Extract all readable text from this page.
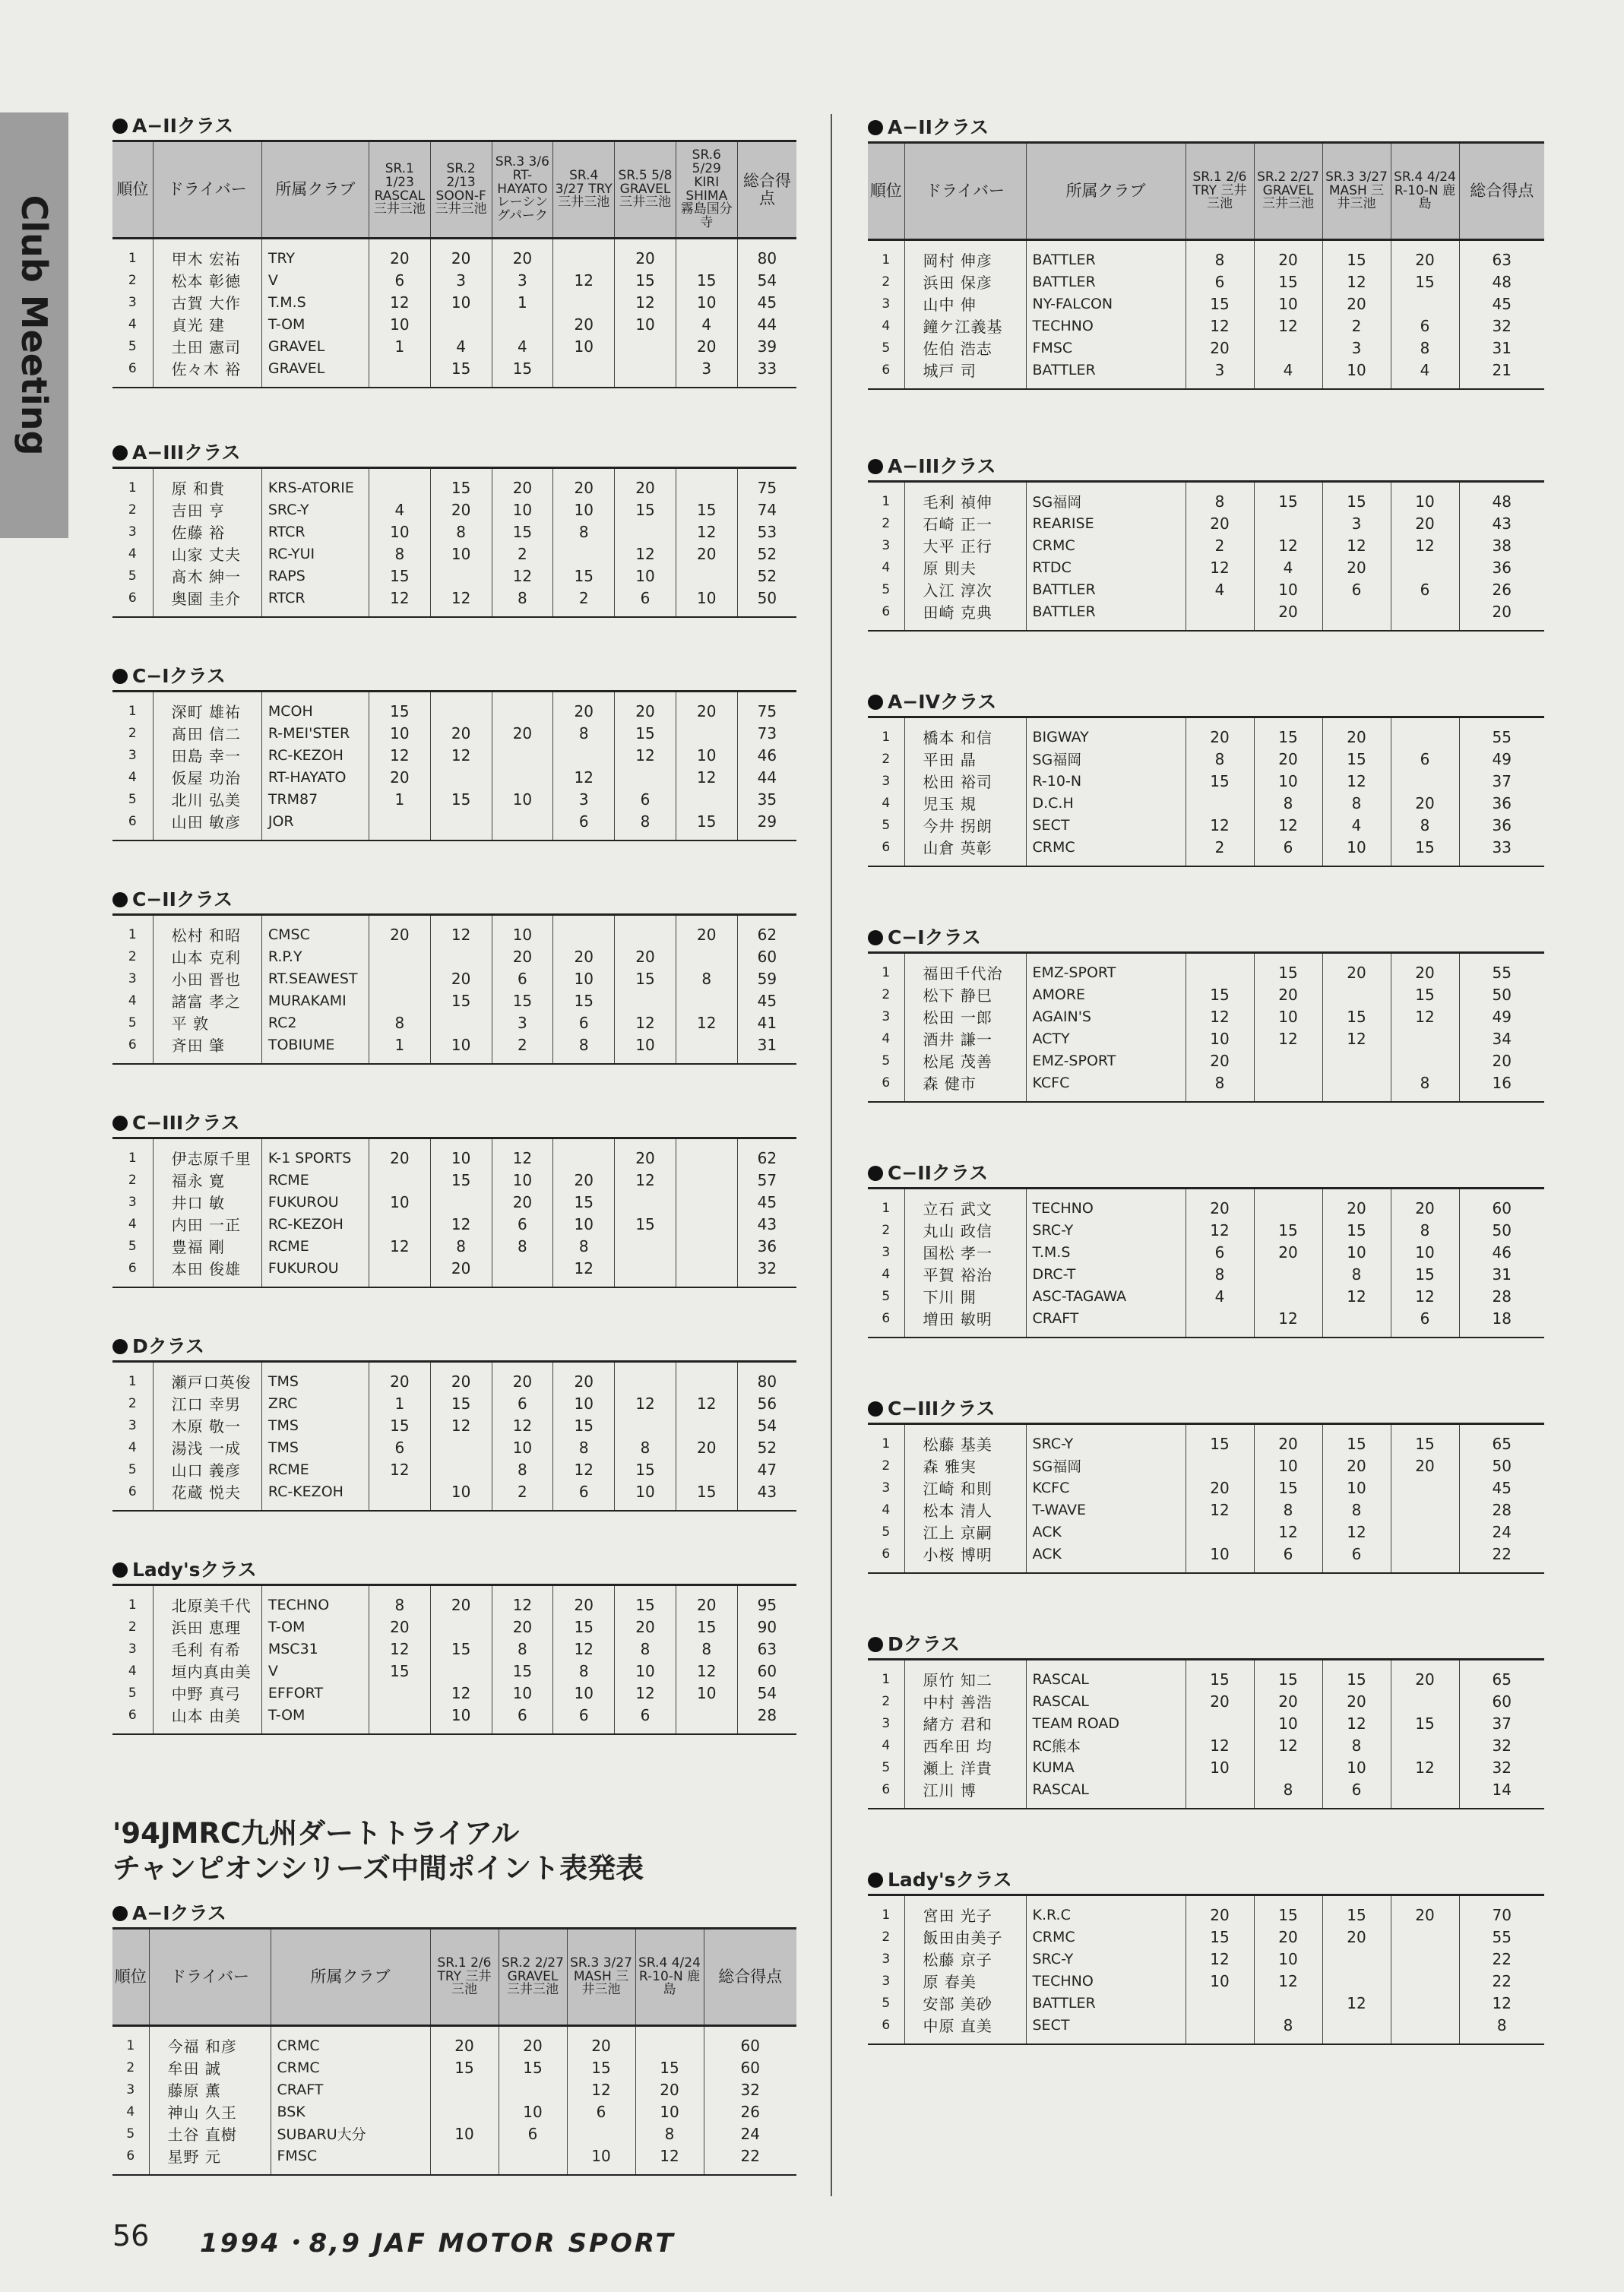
Club Meeting
A−IIクラス
順位	ドライバー	所属クラブ	SR.1 1/23 RASCAL 三井三池	SR.2 2/13 SOON-F 三井三池	SR.3 3/6 RT-HAYATO レーシングパーク	SR.4 3/27 TRY 三井三池	SR.5 5/8 GRAVEL 三井三池	SR.6 5/29 KIRI SHIMA 霧島国分寺	総合得点

1	甲木 宏祐	TRY	20	20	20		20		80
2	松本 彰徳	V	6	3	3	12	15	15	54
3	古賀 大作	T.M.S	12	10	1		12	10	45
4	貞光 建	T-OM	10			20	10	4	44
5	土田 憲司	GRAVEL	1	4	4	10		20	39
6	佐々木 裕	GRAVEL		15	15			3	33

A−IIIクラス

1	原 和貴	KRS-ATORIE		15	20	20	20		75
2	吉田 亨	SRC-Y	4	20	10	10	15	15	74
3	佐藤 裕	RTCR	10	8	15	8		12	53
4	山家 丈夫	RC-YUI	8	10	2		12	20	52
5	髙木 紳一	RAPS	15		12	15	10		52
6	奥園 圭介	RTCR	12	12	8	2	6	10	50

C−Iクラス

1	深町 雄祐	MCOH	15			20	20	20	75
2	髙田 信二	R-MEI'STER	10	20	20	8	15		73
3	田島 幸一	RC-KEZOH	12	12			12	10	46
4	仮屋 功治	RT-HAYATO	20			12		12	44
5	北川 弘美	TRM87	1	15	10	3	6		35
6	山田 敏彦	JOR				6	8	15	29

C−IIクラス

1	松村 和昭	CMSC	20	12	10			20	62
2	山本 克利	R.P.Y			20	20	20		60
3	小田 晋也	RT.SEAWEST		20	6	10	15	8	59
4	諸富 孝之	MURAKAMI		15	15	15			45
5	平 敦	RC2	8		3	6	12	12	41
6	斉田 肇	TOBIUME	1	10	2	8	10		31

C−IIIクラス

1	伊志原千里	K-1 SPORTS	20	10	12		20		62
2	福永 寛	RCME		15	10	20	12		57
3	井口 敏	FUKUROU	10		20	15			45
4	内田 一正	RC-KEZOH		12	6	10	15		43
5	豊福 剛	RCME	12	8	8	8			36
6	本田 俊雄	FUKUROU		20		12			32

Dクラス

1	瀬戸口英俊	TMS	20	20	20	20			80
2	江口 幸男	ZRC	1	15	6	10	12	12	56
3	木原 敬一	TMS	15	12	12	15			54
4	湯浅 一成	TMS	6		10	8	8	20	52
5	山口 義彦	RCME	12		8	12	15		47
6	花蔵 悦夫	RC-KEZOH		10	2	6	10	15	43

Lady'sクラス

1	北原美千代	TECHNO	8	20	12	20	15	20	95
2	浜田 恵理	T-OM	20		20	15	20	15	90
3	毛利 有希	MSC31	12	15	8	12	8	8	63
4	垣内真由美	V	15		15	8	10	12	60
5	中野 真弓	EFFORT		12	10	10	12	10	54
6	山本 由美	T-OM		10	6	6	6		28

A−IIクラス
順位	ドライバー	所属クラブ	SR.1 2/6 TRY 三井三池	SR.2 2/27 GRAVEL 三井三池	SR.3 3/27 MASH 三井三池	SR.4 4/24 R-10-N 鹿島	総合得点

1	岡村 伸彦	BATTLER	8	20	15	20	63
2	浜田 保彦	BATTLER	6	15	12	15	48
3	山中 伸	NY-FALCON	15	10	20		45
4	鐘ケ江義基	TECHNO	12	12	2	6	32
5	佐伯 浩志	FMSC	20		3	8	31
6	城戸 司	BATTLER	3	4	10	4	21

A−IIIクラス

1	毛利 禎伸	SG福岡	8	15	15	10	48
2	石崎 正一	REARISE	20		3	20	43
3	大平 正行	CRMC	2	12	12	12	38
4	原 則夫	RTDC	12	4	20		36
5	入江 淳次	BATTLER	4	10	6	6	26
6	田崎 克典	BATTLER		20			20

A−IVクラス

1	橋本 和信	BIGWAY	20	15	20		55
2	平田 晶	SG福岡	8	20	15	6	49
3	松田 裕司	R-10-N	15	10	12		37
4	児玉 規	D.C.H		8	8	20	36
5	今井 拐朗	SECT	12	12	4	8	36
6	山倉 英彰	CRMC	2	6	10	15	33

C−Iクラス

1	福田千代治	EMZ-SPORT		15	20	20	55
2	松下 静巳	AMORE	15	20		15	50
3	松田 一郎	AGAIN'S	12	10	15	12	49
4	酒井 謙一	ACTY	10	12	12		34
5	松尾 茂善	EMZ-SPORT	20				20
6	森 健市	KCFC	8			8	16

C−IIクラス

1	立石 武文	TECHNO	20		20	20	60
2	丸山 政信	SRC-Y	12	15	15	8	50
3	国松 孝一	T.M.S	6	20	10	10	46
4	平賀 裕治	DRC-T	8		8	15	31
5	下川 開	ASC-TAGAWA	4		12	12	28
6	増田 敏明	CRAFT		12		6	18

C−IIIクラス

1	松藤 基美	SRC-Y	15	20	15	15	65
2	森 雅実	SG福岡		10	20	20	50
3	江崎 和則	KCFC	20	15	10		45
4	松本 清人	T-WAVE	12	8	8		28
5	江上 京嗣	ACK		12	12		24
6	小桜 博明	ACK	10	6	6		22

Dクラス

1	原竹 知二	RASCAL	15	15	15	20	65
2	中村 善浩	RASCAL	20	20	20		60
3	緒方 君和	TEAM ROAD		10	12	15	37
4	西牟田 均	RC熊本	12	12	8		32
5	瀬上 洋貴	KUMA	10		10	12	32
6	江川 博	RASCAL		8	6		14

Lady'sクラス

1	宮田 光子	K.R.C	20	15	15	20	70
2	飯田由美子	CRMC	15	20	20		55
3	松藤 京子	SRC-Y	12	10			22
3	原 春美	TECHNO	10	12			22
5	安部 美砂	BATTLER			12		12
6	中原 直美	SECT		8			8

'94JMRC九州ダートトライアル
チャンピオンシリーズ中間ポイント表発表
A−Iクラス
順位	ドライバー	所属クラブ	SR.1 2/6 TRY 三井三池	SR.2 2/27 GRAVEL 三井三池	SR.3 3/27 MASH 三井三池	SR.4 4/24 R-10-N 鹿島	総合得点

1	今福 和彦	CRMC	20	20	20		60
2	牟田 誠	CRMC	15	15	15	15	60
3	藤原 薫	CRAFT			12	20	32
4	神山 久王	BSK		10	6	10	26
5	土谷 直樹	SUBARU大分	10	6		8	24
6	星野 元	FMSC			10	12	22

56 1994・8,9 JAF MOTOR SPORT
